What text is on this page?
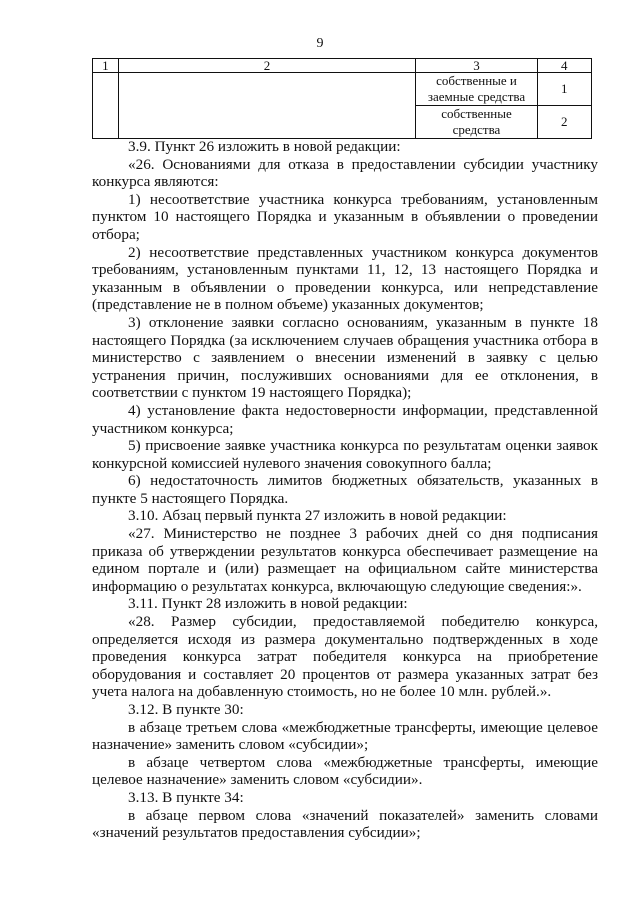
9
1	2	3	4
		собственные и заемные средства	1
		собственные средства	2

3.9. Пункт 26 изложить в новой редакции:

«26. Основаниями для отказа в предоставлении субсидии участнику конкурса являются:

1) несоответствие участника конкурса требованиям, установленным пунктом 10 настоящего Порядка и указанным в объявлении о проведении отбора;

2) несоответствие представленных участником конкурса документов требованиям, установленным пунктами 11, 12, 13 настоящего Порядка и указанным в объявлении о проведении конкурса, или непредставление (представление не в полном объеме) указанных документов;

3) отклонение заявки согласно основаниям, указанным в пункте 18 настоящего Порядка (за исключением случаев обращения участника отбора в министерство с заявлением о внесении изменений в заявку с целью устранения причин, послуживших основаниями для ее отклонения, в соответствии с пунктом 19 настоящего Порядка);

4) установление факта недостоверности информации, представленной участником конкурса;

5) присвоение заявке участника конкурса по результатам оценки заявок конкурсной комиссией нулевого значения совокупного балла;

6) недостаточность лимитов бюджетных обязательств, указанных в пункте 5 настоящего Порядка.

3.10. Абзац первый пункта 27 изложить в новой редакции:

«27. Министерство не позднее 3 рабочих дней со дня подписания приказа об утверждении результатов конкурса обеспечивает размещение на едином портале и (или) размещает на официальном сайте министерства информацию о результатах конкурса, включающую следующие сведения:».

3.11. Пункт 28 изложить в новой редакции:

«28. Размер субсидии, предоставляемой победителю конкурса, определяется исходя из размера документально подтвержденных в ходе проведения конкурса затрат победителя конкурса на приобретение оборудования и составляет 20 процентов от размера указанных затрат без учета налога на добавленную стоимость, но не более 10 млн. рублей.».

3.12. В пункте 30:

в абзаце третьем слова «межбюджетные трансферты, имеющие целевое назначение» заменить словом «субсидии»;

в абзаце четвертом слова «межбюджетные трансферты, имеющие целевое назначение» заменить словом «субсидии».

3.13. В пункте 34:

в абзаце первом слова «значений показателей» заменить словами «значений результатов предоставления субсидии»;
